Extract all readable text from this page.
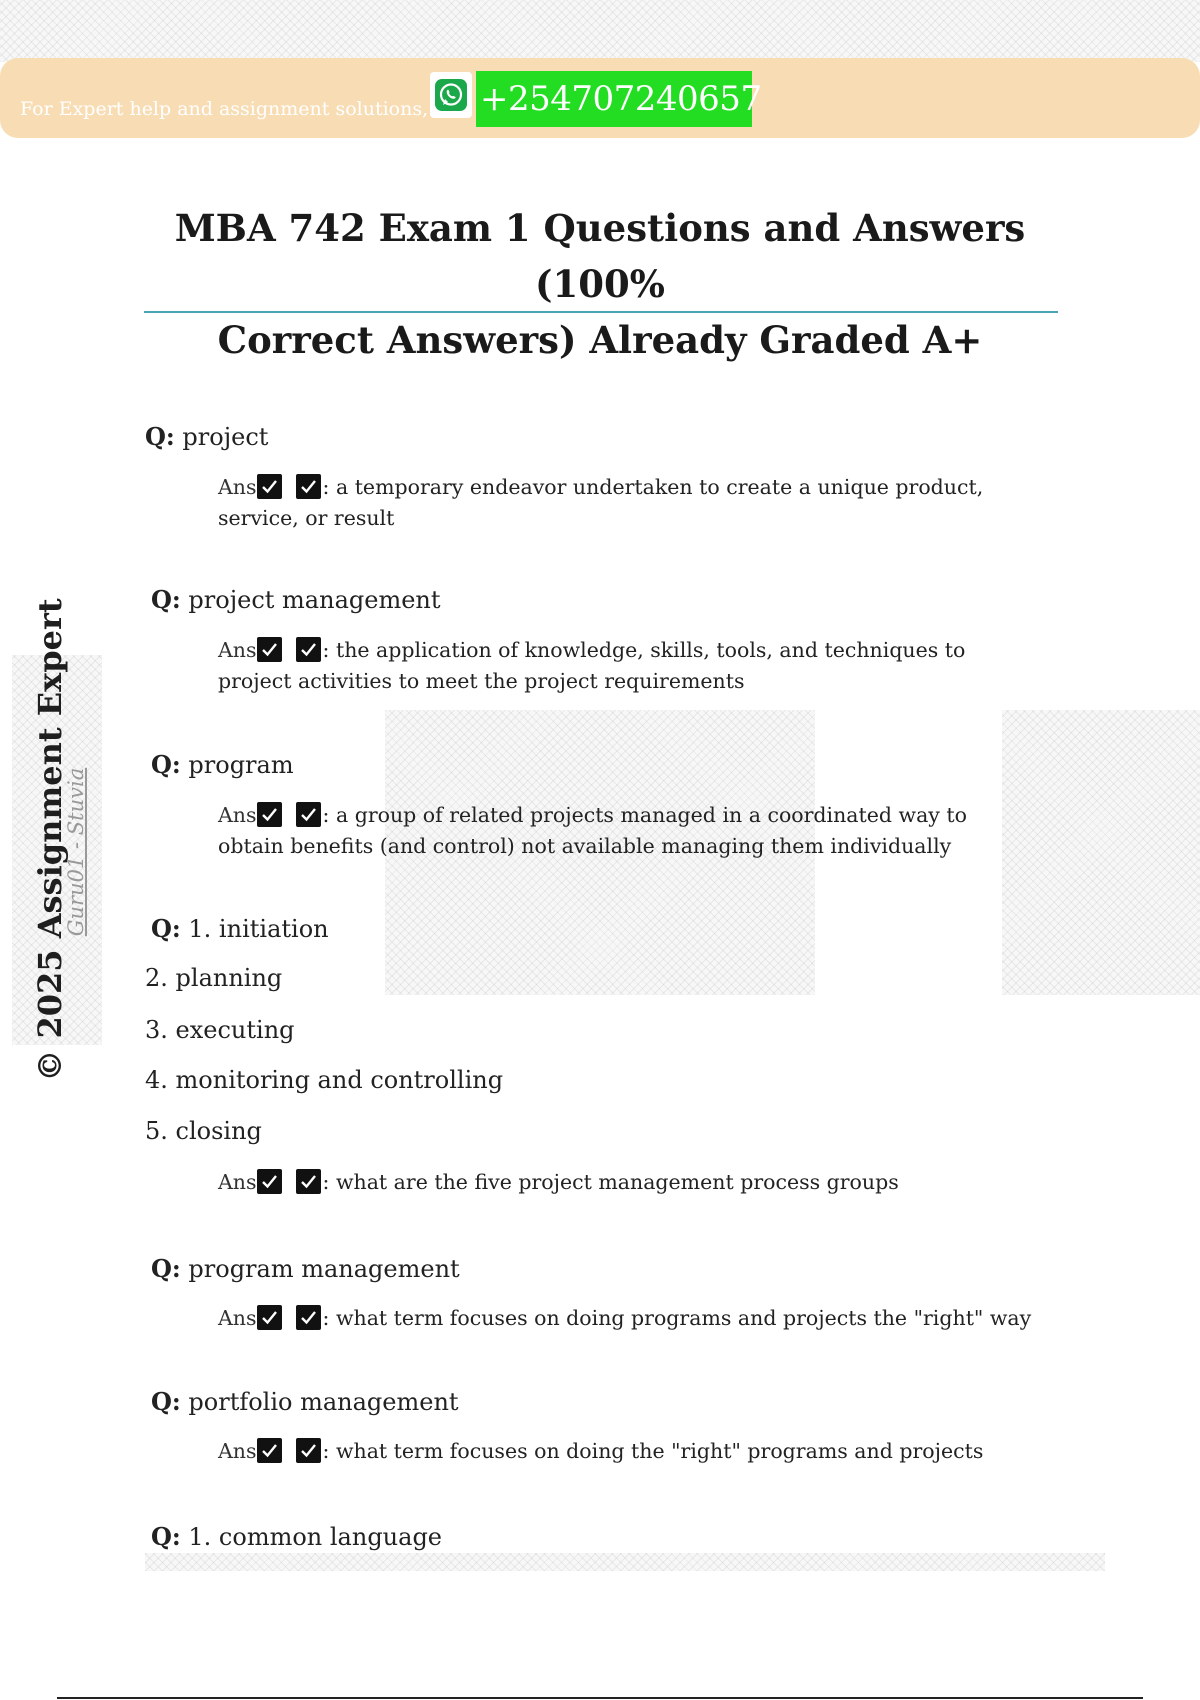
For Expert help and assignment solutions, +254707240657
MBA 742 Exam 1 Questions and Answers (100%
Correct Answers) Already Graded A+
© 2025 Assignment Expert
Guru01 - Stuvia
Q: project
Ans	: a temporary endeavor undertaken to create a unique product, service, or result
Q: project management
Ans	: the application of knowledge, skills, tools, and techniques to project activities to meet the project requirements
Q: program
Ans	: a group of related projects managed in a coordinated way to obtain benefits (and control) not available managing them individually
Q: 1. initiation
2. planning
3. executing
4. monitoring and controlling
5. closing
Ans	: what are the five project management process groups
Q: program management
Ans	: what term focuses on doing programs and projects the "right" way
Q: portfolio management
Ans	: what term focuses on doing the "right" programs and projects
Q: 1. common language
